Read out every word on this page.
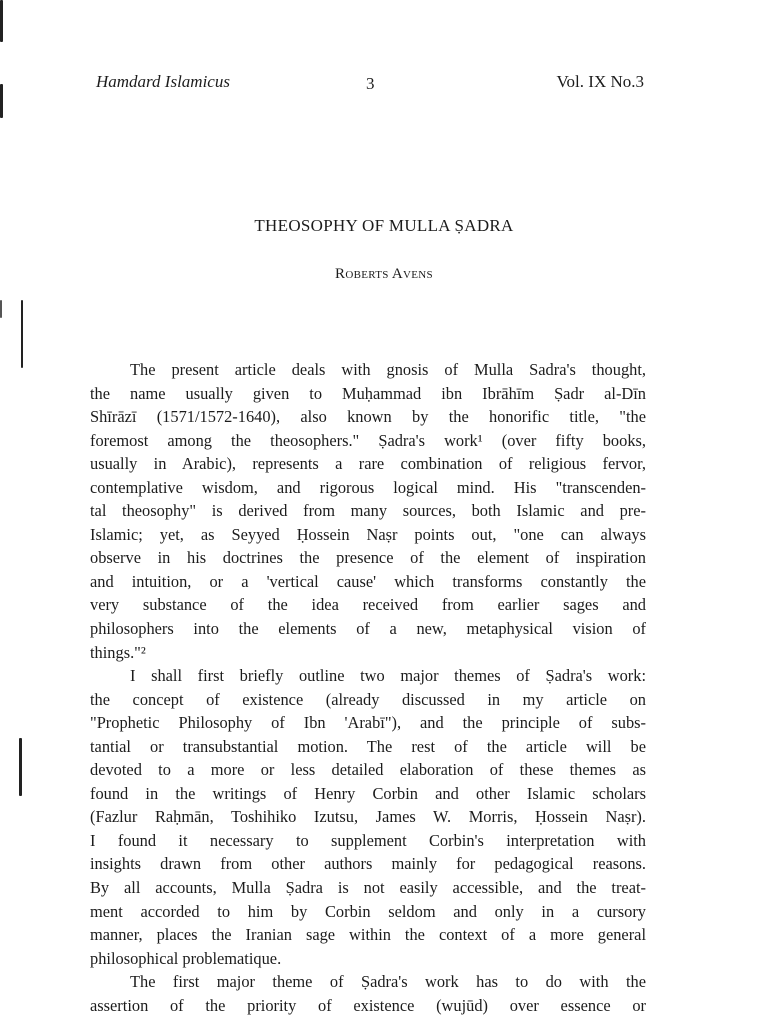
Hamdard Islamicus	3	Vol. IX No.3
THEOSOPHY OF MULLA ṢADRA
Roberts Avens
The present article deals with gnosis of Mulla Sadra's thought,
the name usually given to Muḥammad ibn Ibrāhīm Ṣadr al-Dīn
Shīrāzī (1571/1572-1640), also known by the honorific title, "the
foremost among the theosophers." Ṣadra's work¹ (over fifty books,
usually in Arabic), represents a rare combination of religious fervor,
contemplative wisdom, and rigorous logical mind. His "transcenden-
tal theosophy" is derived from many sources, both Islamic and pre-
Islamic; yet, as Seyyed Ḥossein Naṣr points out, "one can always
observe in his doctrines the presence of the element of inspiration
and intuition, or a 'vertical cause' which transforms constantly the
very substance of the idea received from earlier sages and
philosophers into the elements of a new, metaphysical vision of
things."²
I shall first briefly outline two major themes of Ṣadra's work:
the concept of existence (already discussed in my article on
"Prophetic Philosophy of Ibn 'Arabī"), and the principle of subs-
tantial or transubstantial motion. The rest of the article will be
devoted to a more or less detailed elaboration of these themes as
found in the writings of Henry Corbin and other Islamic scholars
(Fazlur Raḥmān, Toshihiko Izutsu, James W. Morris, Ḥossein Naṣr).
I found it necessary to supplement Corbin's interpretation with
insights drawn from other authors mainly for pedagogical reasons.
By all accounts, Mulla Ṣadra is not easily accessible, and the treat-
ment accorded to him by Corbin seldom and only in a cursory
manner, places the Iranian sage within the context of a more general
philosophical problematique.
The first major theme of Ṣadra's work has to do with the
assertion of the priority of existence (wujūd) over essence or
